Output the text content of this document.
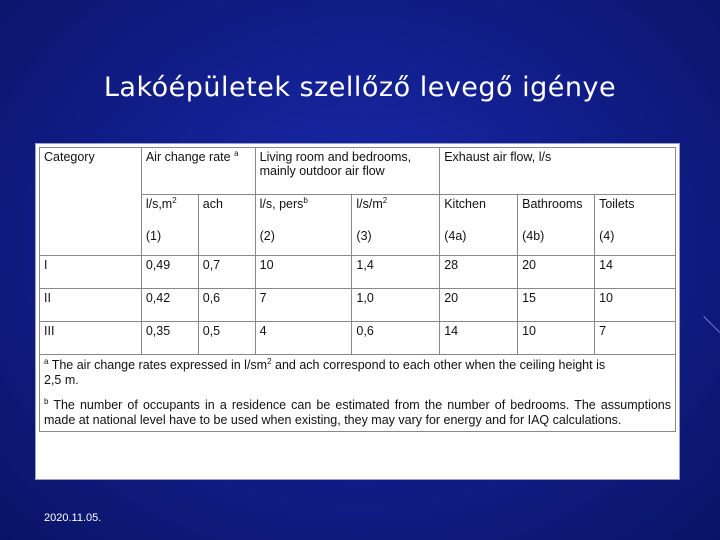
Lakóépületek szellőző levegő igénye
Category	Air change rate $^a$		Living room and bedrooms, mainly outdoor air flow		Exhaust air flow, l/s		
	$l/s,m^2$	ach	l/s, pers$^b$	$l/s/m^2$	Kitchen	Bathrooms	Toilets
	(1)		(2)	(3)	(4a)	(4b)	(4)
I	0,49	0,7	10	1,4	28	20	14
II	0,42	0,6	7	1,0	20	15	10
III	0,35	0,5	4	0,6	14	10	7

$^a$ The air change rates expressed in $l/sm^2$ and ach correspond to each other when the ceiling height is
2,5 m.
$^b$ The number of occupants in a residence can be estimated from the number of bedrooms. The assumptions made at national level have to be used when existing, they may vary for energy and for IAQ calculations.							
2020.11.05.
